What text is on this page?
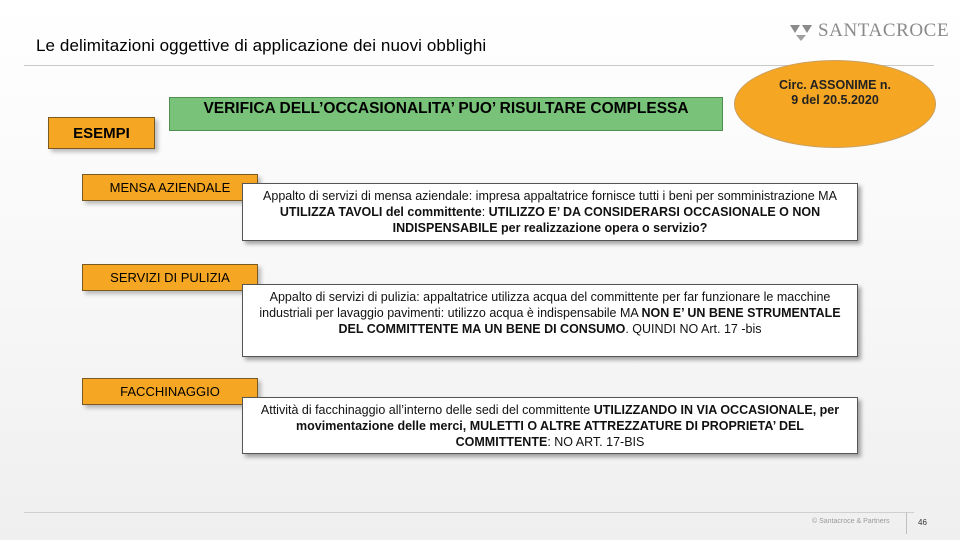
Le delimitazioni oggettive di applicazione dei nuovi obblighi
SANTACROCE
ESEMPI
VERIFICA DELL’OCCASIONALITA’ PUO’ RISULTARE COMPLESSA
Circ. ASSONIME n.
9 del 20.5.2020
MENSA AZIENDALE
Appalto di servizi di mensa aziendale: impresa appaltatrice fornisce tutti i beni per somministrazione MA UTILIZZA TAVOLI del committente: UTILIZZO E’ DA CONSIDERARSI OCCASIONALE O NON INDISPENSABILE per realizzazione opera o servizio?
SERVIZI DI PULIZIA
Appalto di servizi di pulizia: appaltatrice utilizza acqua del committente per far funzionare le macchine industriali per lavaggio pavimenti: utilizzo acqua è indispensabile MA NON E’ UN BENE STRUMENTALE DEL COMMITTENTE MA UN BENE DI CONSUMO. QUINDI NO Art. 17 -bis
FACCHINAGGIO
Attività di facchinaggio all’interno delle sedi del committente UTILIZZANDO IN VIA OCCASIONALE, per movimentazione delle merci, MULETTI O ALTRE ATTREZZATURE DI PROPRIETA’ DEL COMMITTENTE: NO ART. 17-BIS
© Santacroce & Partners	46
